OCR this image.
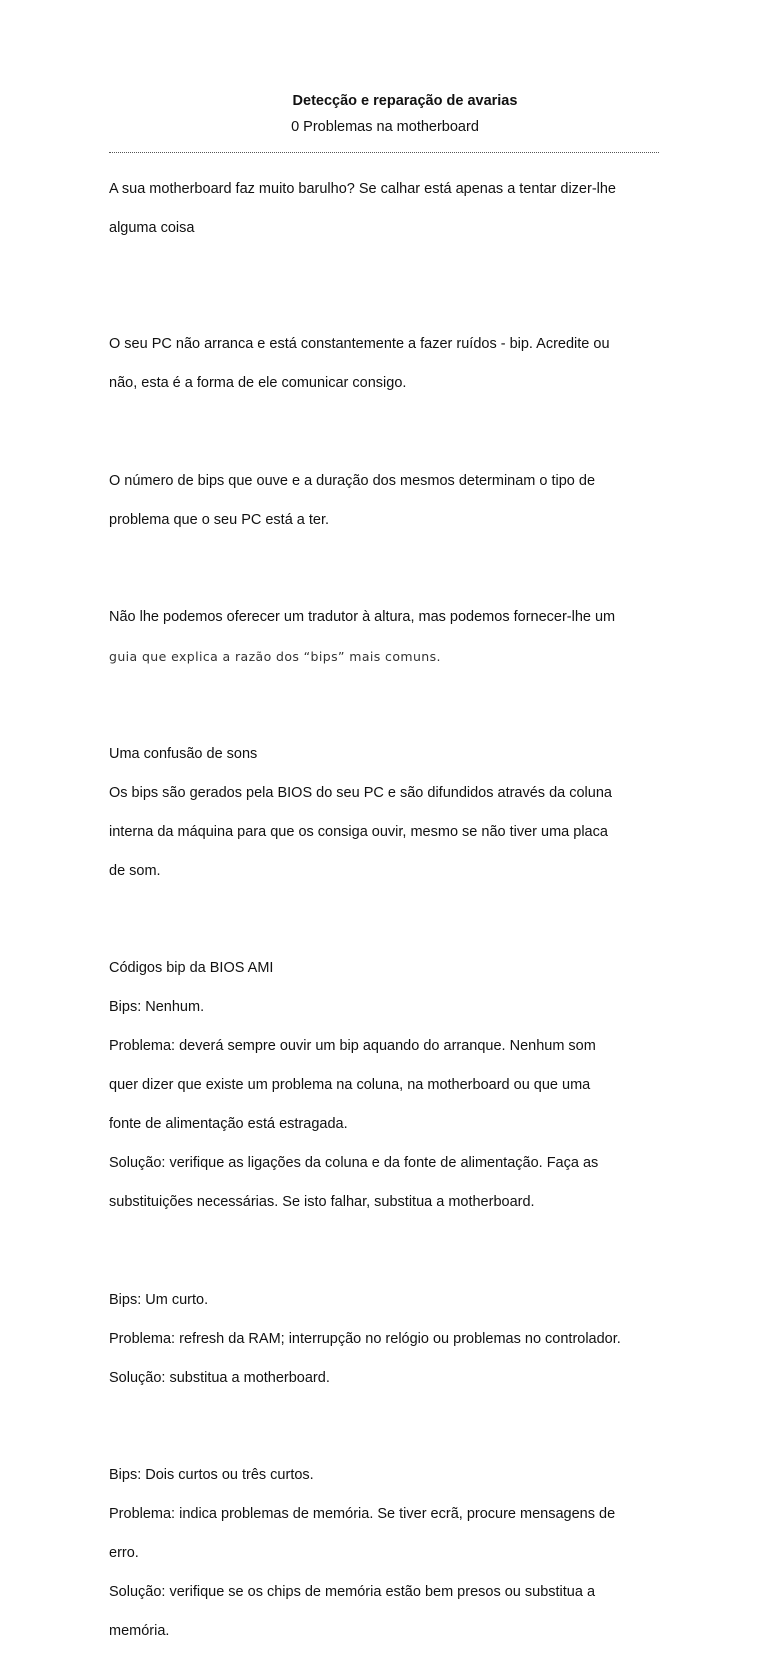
Detecção e reparação de avarias
0 Problemas na motherboard

A sua motherboard faz muito barulho? Se calhar está apenas a tentar dizer-lhe

alguma coisa

O seu PC não arranca e está constantemente a fazer ruídos - bip. Acredite ou

não, esta é a forma de ele comunicar consigo.

O número de bips que ouve e a duração dos mesmos determinam o tipo de

problema que o seu PC está a ter.

Não lhe podemos oferecer um tradutor à altura, mas podemos fornecer-lhe um

guia que explica a razão dos “bips” mais comuns.

Uma confusão de sons

Os bips são gerados pela BIOS do seu PC e são difundidos através da coluna

interna da máquina para que os consiga ouvir, mesmo se não tiver uma placa

de som.

Códigos bip da BIOS AMI

Bips: Nenhum.

Problema: deverá sempre ouvir um bip aquando do arranque. Nenhum som

quer dizer que existe um problema na coluna, na motherboard ou que uma

fonte de alimentação está estragada.

Solução: verifique as ligações da coluna e da fonte de alimentação. Faça as

substituições necessárias. Se isto falhar, substitua a motherboard.

Bips: Um curto.

Problema: refresh da RAM; interrupção no relógio ou problemas no controlador.

Solução: substitua a motherboard.

Bips: Dois curtos ou três curtos.

Problema: indica problemas de memória. Se tiver ecrã, procure mensagens de

erro.

Solução: verifique se os chips de memória estão bem presos ou substitua a

memória.
